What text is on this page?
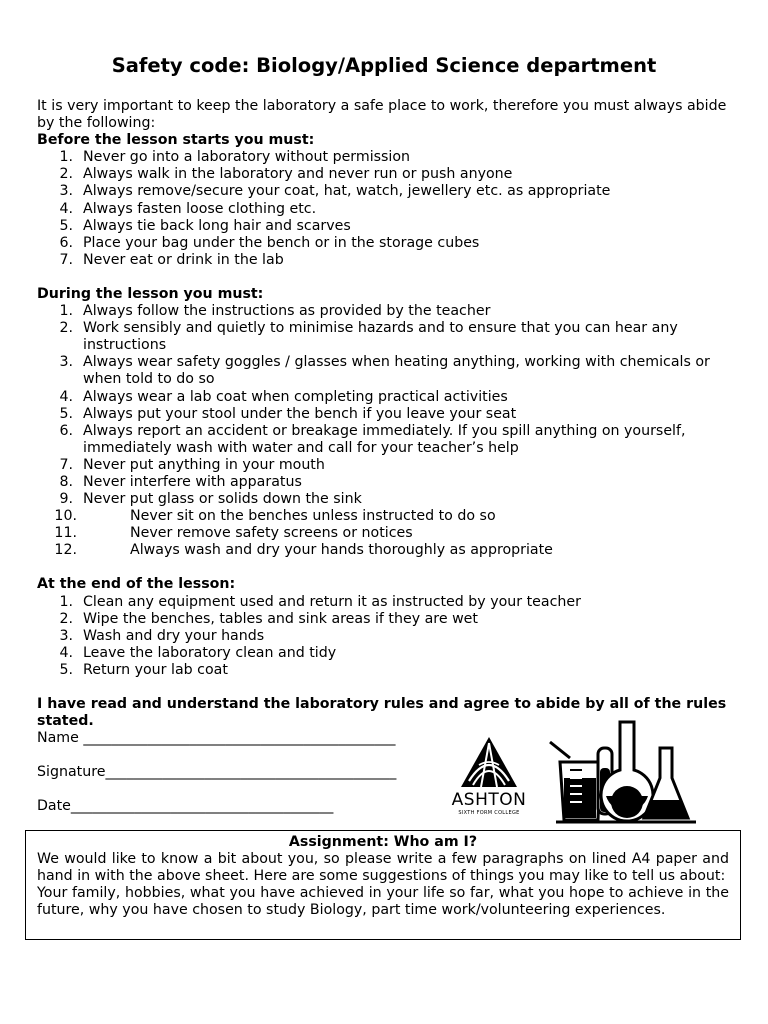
Safety code: Biology/Applied Science department

It is very important to keep the laboratory a safe place to work, therefore you must always abide by the following:

Before the lesson starts you must:

1. Never go into a laboratory without permission
2. Always walk in the laboratory and never run or push anyone
3. Always remove/secure your coat, hat, watch, jewellery etc. as appropriate
4. Always fasten loose clothing etc.
5. Always tie back long hair and scarves
6. Place your bag under the bench or in the storage cubes
7. Never eat or drink in the lab

During the lesson you must:

1. Always follow the instructions as provided by the teacher
2. Work sensibly and quietly to minimise hazards and to ensure that you can hear any instructions
3. Always wear safety goggles / glasses when heating anything, working with chemicals or when told to do so
4. Always wear a lab coat when completing practical activities
5. Always put your stool under the bench if you leave your seat
6. Always report an accident or breakage immediately. If you spill anything on yourself, immediately wash with water and call for your teacher’s help
7. Never put anything in your mouth
8. Never interfere with apparatus
9. Never put glass or solids down the sink
10.	Never sit on the benches unless instructed to do so
11.	Never remove safety screens or notices
12.	Always wash and dry your hands thoroughly as appropriate

At the end of the lesson:

1. Clean any equipment used and return it as instructed by your teacher
2. Wipe the benches, tables and sink areas if they are wet
3. Wash and dry your hands
4. Leave the laboratory clean and tidy
5. Return your lab coat

I have read and understand the laboratory rules and agree to abide by all of the rules stated.

Name ____________________________________________
Signature_________________________________________
Date_____________________________________	ASHTON
SIXTH FORM COLLEGE
Assignment: Who am I?
We would like to know a bit about you, so please write a few paragraphs on lined A4 paper and hand in with the above sheet. Here are some suggestions of things you may like to tell us about:
Your family, hobbies, what you have achieved in your life so far, what you hope to achieve in the future, why you have chosen to study Biology, part time work/volunteering experiences.
